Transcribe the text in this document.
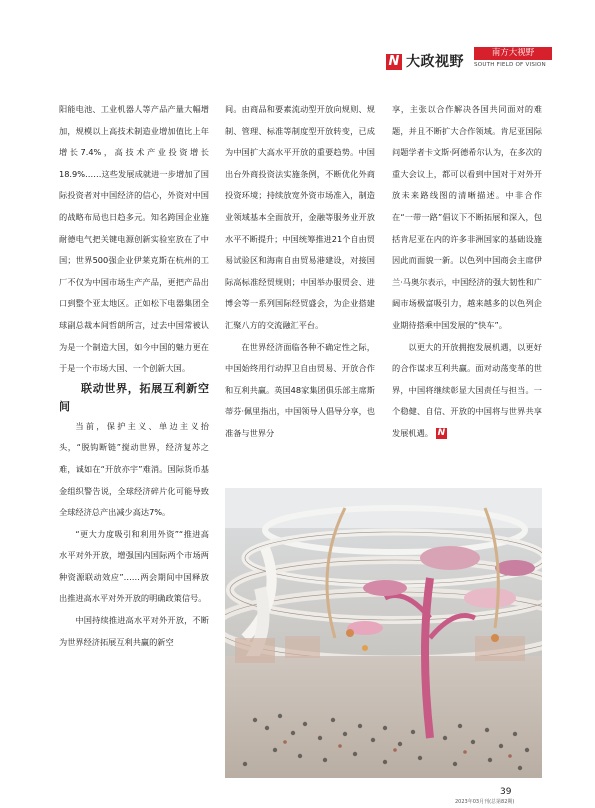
N 大政视野
南方大视野
SOUTH FIELD OF VISION

阳能电池、工业机器人等产品产量大幅增加，规模以上高技术制造业增加值比上年增长7.4%，高技术产业投资增长18.9%……这些发展成就进一步增加了国际投资者对中国经济的信心，外资对中国的战略布局也日趋多元。知名跨国企业施耐德电气把关键电源创新实验室放在了中国；世界500强企业伊莱克斯在杭州的工厂不仅为中国市场生产产品，更把产品出口到整个亚太地区。正如松下电器集团全球副总裁本间哲朗所言，过去中国常被认为是一个制造大国，如今中国的魅力更在于是一个市场大国、一个创新大国。

联动世界，拓展互利新空间

当前，保护主义、单边主义抬头，“脱钩断链”搅动世界，经济复苏之难，诚如在“开放亦宇”难消。国际货币基金组织警告说，全球经济碎片化可能导致全球经济总产出减少高达7%。

“更大力度吸引和利用外资”“推进高水平对外开放，增强国内国际两个市场两种资源联动效应”……两会期间中国释放出推进高水平对外开放的明确政策信号。

中国持续推进高水平对外开放，不断为世界经济拓展互利共赢的新空

间。由商品和要素流动型开放向规则、规制、管理、标准等制度型开放转变，已成为中国扩大高水平开放的重要趋势。中国出台外商投资法实施条例，不断优化外商投资环境；持续放宽外资市场准入，制造业领域基本全面放开，金融等服务业开放水平不断提升；中国统筹推进21个自由贸易试验区和海南自由贸易港建设，对接国际高标准经贸规则；中国举办服贸会、进博会等一系列国际经贸盛会，为企业搭建汇聚八方的交流融汇平台。

在世界经济面临各种不确定性之际，中国始终用行动捍卫自由贸易、开放合作和互利共赢。英国48家集团俱乐部主席斯蒂芬·佩里指出，中国领导人倡导分享，也准备与世界分

享，主张以合作解决各国共同面对的难题，并且不断扩大合作领域。肯尼亚国际问题学者卡文斯·阿德希尔认为，在多次的重大会议上，都可以看到中国对于对外开放未来路线图的清晰描述。中非合作在“一带一路”倡议下不断拓展和深入，包括肯尼亚在内的许多非洲国家的基础设施因此而面貌一新。以色列中国商会主席伊兰·马奥尔表示，中国经济的强大韧性和广阔市场极富吸引力，越来越多的以色列企业期待搭乘中国发展的“快车”。

以更大的开放拥抱发展机遇，以更好的合作谋求互利共赢。面对动荡变革的世界，中国将继续彰显大国责任与担当。一个稳健、自信、开放的中国将与世界共享发展机遇。 N

39
2023年03月刊(总第82期)
